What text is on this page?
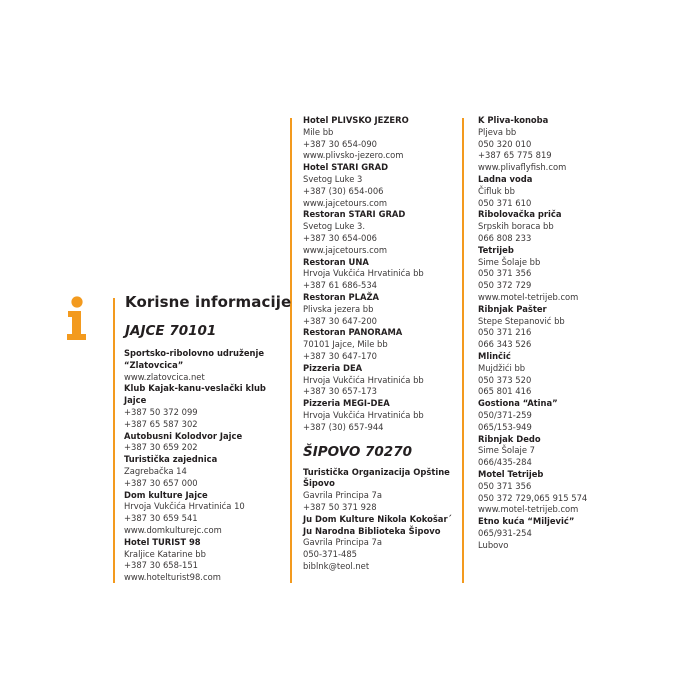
Korisne informacije
JAJCE 70101
Sportsko-ribolovno udruženje “Zlatovcica”
www.zlatovcica.net
Klub Kajak-kanu-veslački klub Jajce
+387 50 372 099
+387 65 587 302
Autobusni Kolodvor Jajce
+387 30 659 202
Turistička zajednica
Zagrebačka 14
+387 30 657 000
Dom kulture Jajce
Hrvoja Vukčića Hrvatinića 10
+387 30 659 541
www.domkulturejc.com
Hotel TURIST 98
Kraljice Katarine bb
+387 30 658-151
www.hotelturist98.com
Hotel PLIVSKO JEZERO
Mile bb
+387 30 654-090
www.plivsko-jezero.com
Hotel STARI GRAD
Svetog Luke 3
+387 (30) 654-006
www.jajcetours.com
Restoran STARI GRAD
Svetog Luke 3.
+387 30 654-006
www.jajcetours.com
Restoran UNA
Hrvoja Vukčića Hrvatinića bb
+387 61 686-534
Restoran PLAŽA
Plivska jezera bb
+387 30 647-200
Restoran PANORAMA
70101 Jajce, Mile bb
+387 30 647-170
Pizzeria DEA
Hrvoja Vukčića Hrvatinića bb
+387 30 657-173
Pizzeria MEGI-DEA
Hrvoja Vukčića Hrvatinića bb
+387 (30) 657-944
ŠIPOVO 70270
Turistička Organizacija Opštine Šipovo
Gavrila Principa 7a
+387 50 371 928
Ju Dom Kulture Nikola Kokošar´ Ju Narodna Biblioteka Šipovo
Gavrila Principa 7a
050-371-485
biblnk@teol.net
K Pliva-konoba
Pljeva bb
050 320 010
+387 65 775 819
www.plivaflyfish.com
Ladna voda
Čifluk bb
050 371 610
Ribolovačka priča
Srpskih boraca bb
066 808 233
Tetrijeb
Sime Šolaje bb
050 371 356
050 372 729
www.motel-tetrijeb.com
Ribnjak Pašter
Stepe Stepanović bb
050 371 216
066 343 526
Mlinčić
Mujdžići bb
050 373 520
065 801 416
Gostiona “Atina”
050/371-259
065/153-949
Ribnjak Dedo
Sime Šolaje 7
066/435-284
Motel Tetrijeb
050 371 356
050 372 729,065 915 574
www.motel-tetrijeb.com
Etno kuća “Miljević”
065/931-254
Lubovo
